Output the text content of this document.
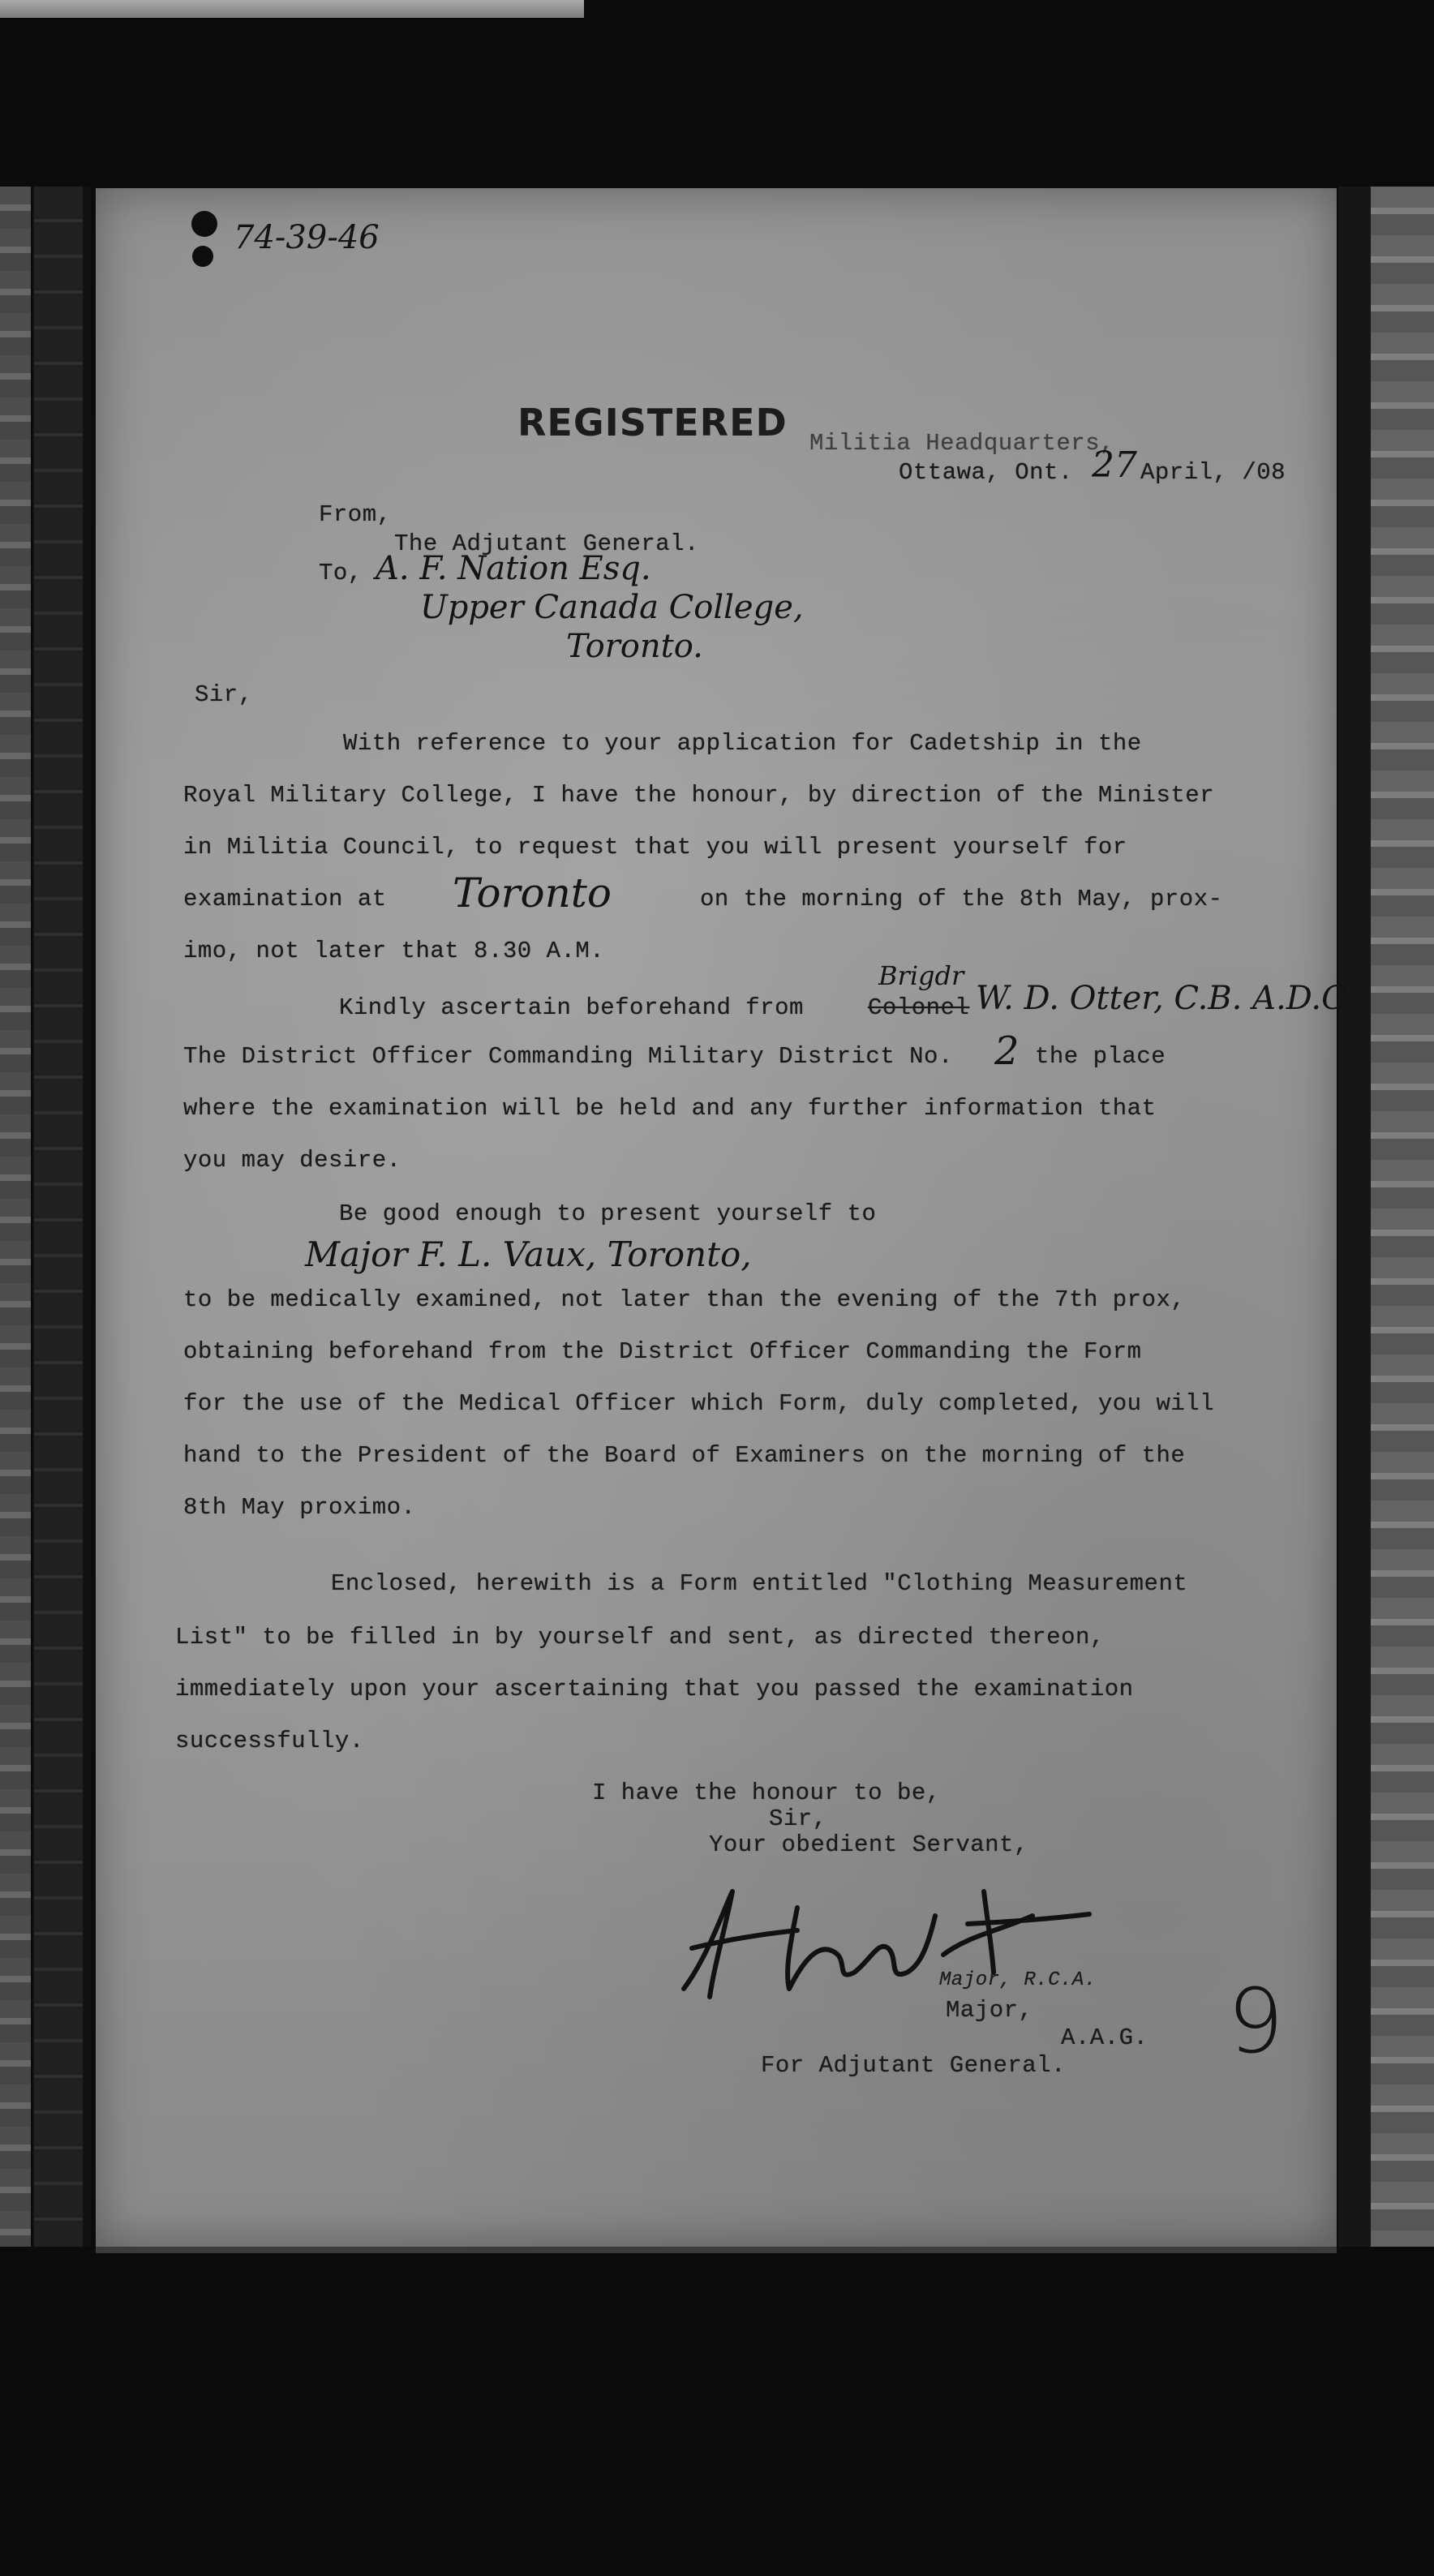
74-39-46
REGISTERED Militia Headquarters,
Ottawa, Ont. 27 April, /08
From,
The Adjutant General.
To, A. F. Nation Esq.
Upper Canada College,
Toronto.
Sir,
With reference to your application for Cadetship in the
Royal Military College, I have the honour, by direction of the Minister
in Militia Council, to request that you will present yourself for
examination at Toronto	on the morning of the 8th May, prox-
imo, not later that 8.30 A.M.
Kindly ascertain beforehand from	Colonel
Brigdr
W. D. Otter, C.B. A.D.C.
The District Officer Commanding Military District No. 2 the place
where the examination will be held and any further information that
you may desire.
Be good enough to present yourself to
Major F. L. Vaux, Toronto,
to be medically examined, not later than the evening of the 7th prox,
obtaining beforehand from the District Officer Commanding the Form
for the use of the Medical Officer which Form, duly completed, you will
hand to the President of the Board of Examiners on the morning of the
8th May proximo.
Enclosed, herewith is a Form entitled "Clothing Measurement
List" to be filled in by yourself and sent, as directed thereon,
immediately upon your ascertaining that you passed the examination
successfully.
I have the honour to be,
Sir,
Your obedient Servant,
Major, R.C.A.
Major,
A.A.G.
For Adjutant General. 9
